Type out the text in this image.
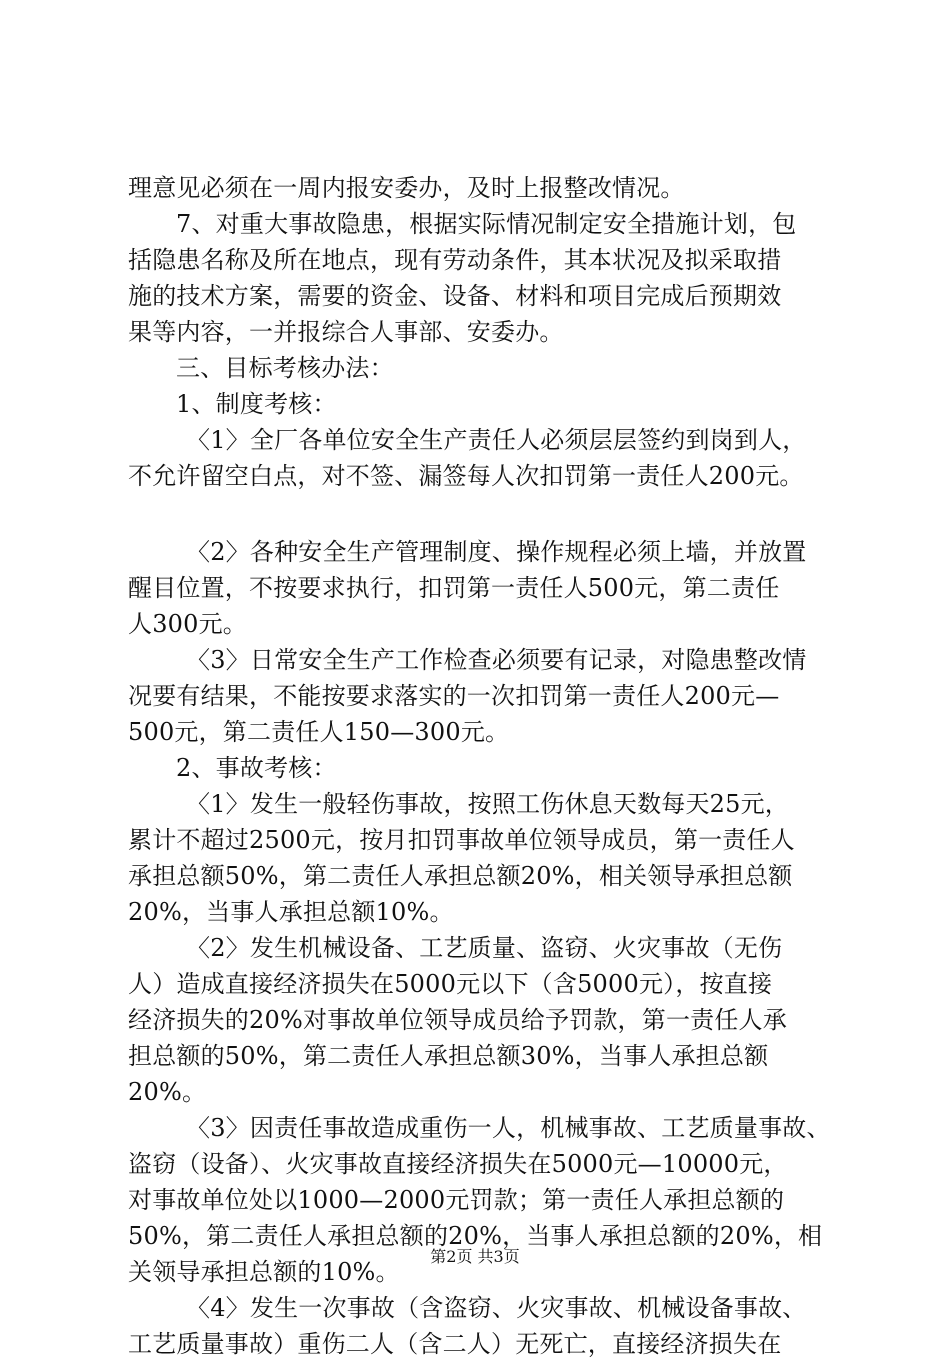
理意见必须在一周内报安委办，及时上报整改情况。
7、对重大事故隐患，根据实际情况制定安全措施计划，包
括隐患名称及所在地点，现有劳动条件，其本状况及拟采取措
施的技术方案，需要的资金、设备、材料和项目完成后预期效
果等内容，一并报综合人事部、安委办。
三、目标考核办法：
1、制度考核：
〈1〉全厂各单位安全生产责任人必须层层签约到岗到人，
不允许留空白点，对不签、漏签每人次扣罚第一责任人200元。
〈2〉各种安全生产管理制度、操作规程必须上墙，并放置
醒目位置，不按要求执行，扣罚第一责任人500元，第二责任
人300元。
〈3〉日常安全生产工作检查必须要有记录，对隐患整改情
况要有结果，不能按要求落实的一次扣罚第一责任人200元—
500元，第二责任人150—300元。
2、事故考核：
〈1〉发生一般轻伤事故，按照工伤休息天数每天25元，
累计不超过2500元，按月扣罚事故单位领导成员，第一责任人
承担总额50%，第二责任人承担总额20%，相关领导承担总额
20%，当事人承担总额10%。
〈2〉发生机械设备、工艺质量、盗窃、火灾事故（无伤
人）造成直接经济损失在5000元以下（含5000元），按直接
经济损失的20%对事故单位领导成员给予罚款，第一责任人承
担总额的50%，第二责任人承担总额30%，当事人承担总额
20%。
〈3〉因责任事故造成重伤一人，机械事故、工艺质量事故、
盗窃（设备）、火灾事故直接经济损失在5000元—10000元，
对事故单位处以1000—2000元罚款；第一责任人承担总额的
50%，第二责任人承担总额的20%，当事人承担总额的20%，相
关领导承担总额的10%。
〈4〉发生一次事故（含盗窃、火灾事故、机械设备事故、
工艺质量事故）重伤二人（含二人）无死亡，直接经济损失在
第2页 共3页
